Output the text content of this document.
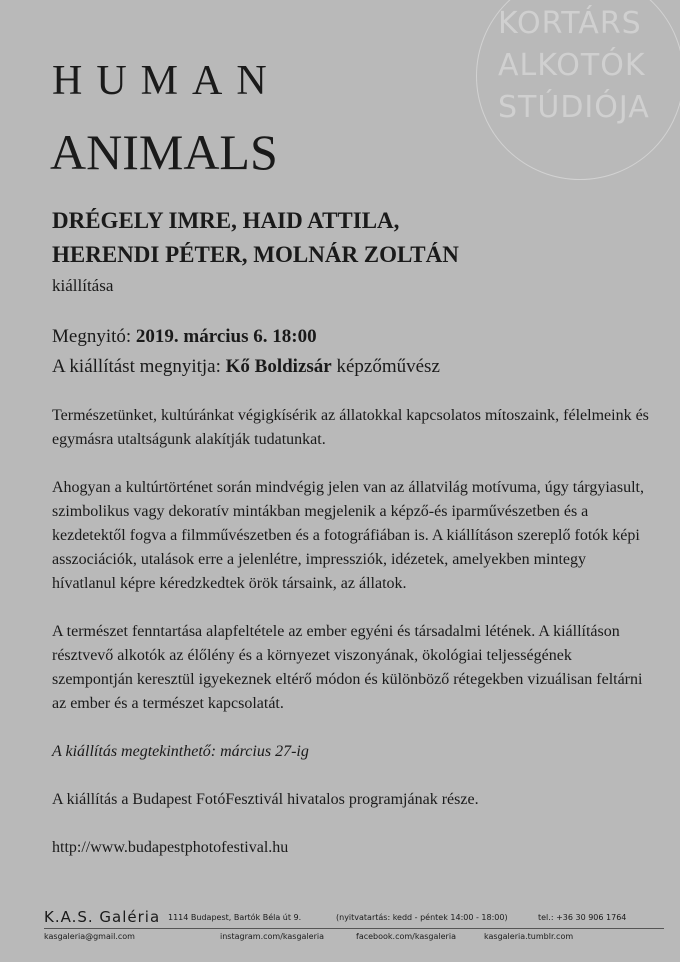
KORTÁRS
ALKOTÓK
STÚDIÓJA
HUMAN
ANIMALS
DRÉGELY IMRE, HAID ATTILA,
HERENDI PÉTER, MOLNÁR ZOLTÁN
kiállítása
Megnyitó: 2019. március 6. 18:00
A kiállítást megnyitja: Kő Boldizsár képzőművész

Természetünket, kultúránkat végigkísérik az állatokkal kapcsolatos mítoszaink, félelmeink és egymásra utaltságunk alakítják tudatunkat.

Ahogyan a kultúrtörténet során mindvégig jelen van az állatvilág motívuma, úgy tárgyiasult, szimbolikus vagy dekoratív mintákban megjelenik a képző-és iparművészetben és a kezdetektől fogva a filmművészetben és a fotográfiában is. A kiállításon szereplő fotók képi asszociációk, utalások erre a jelenlétre, impressziók, idézetek, amelyekben mintegy hívatlanul képre kéredzkedtek örök társaink, az állatok.

A természet fenntartása alapfeltétele az ember egyéni és társadalmi létének. A kiállításon résztvevő alkotók az élőlény és a környezet viszonyának, ökológiai teljességének szempontján keresztül igyekeznek eltérő módon és különböző rétegekben vizuálisan feltárni az ember és a természet kapcsolatát.

A kiállítás megtekinthető: március 27-ig

A kiállítás a Budapest FotóFesztivál hivatalos programjának része.

http://www.budapestphotofestival.hu

K.A.S. Galéria 1114 Budapest, Bartók Béla út 9.	(nyitvatartás: kedd - péntek 14:00 - 18:00)	tel.: +36 30 906 1764
kasgaleria@gmail.com	instagram.com/kasgaleria	facebook.com/kasgaleria	kasgaleria.tumblr.com
